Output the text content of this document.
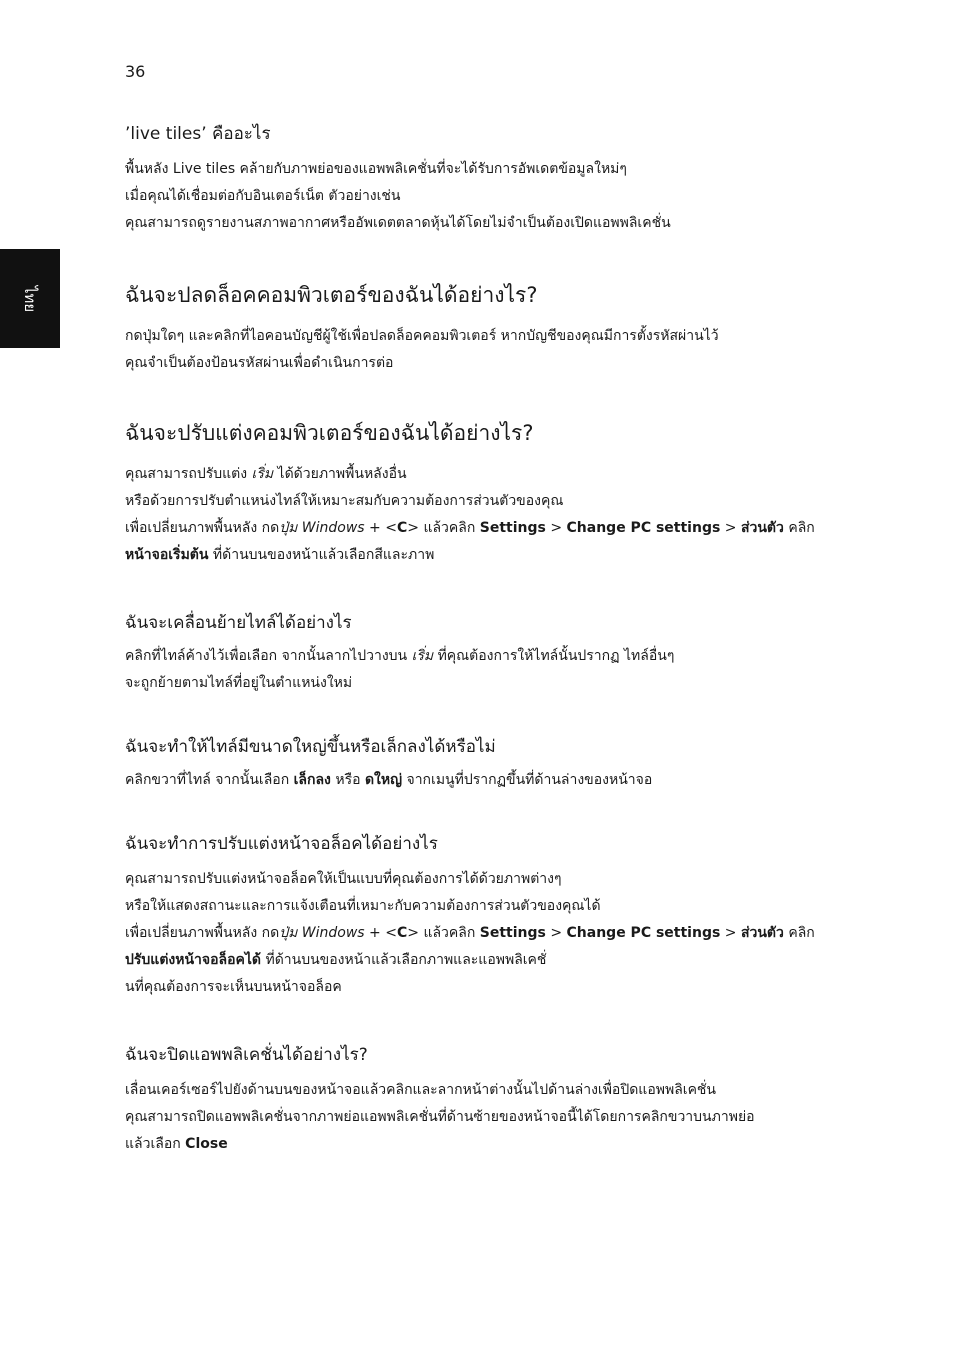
36
ไทย
’live tiles’ คืออะไร
พื้นหลัง Live tiles คล้ายกับภาพย่อของแอพพลิเคชั่นที่จะได้รับการอัพเดตข้อมูลใหม่ๆ
เมื่อคุณได้เชื่อมต่อกับอินเตอร์เน็ต ตัวอย่างเช่น
คุณสามารถดูรายงานสภาพอากาศหรืออัพเดตตลาดหุ้นได้โดยไม่จำเป็นต้องเปิดแอพพลิเคชั่น
ฉันจะปลดล็อคคอมพิวเตอร์ของฉันได้อย่างไร?
กดปุ่มใดๆ และคลิกที่ไอคอนบัญชีผู้ใช้เพื่อปลดล็อคคอมพิวเตอร์ หากบัญชีของคุณมีการตั้งรหัสผ่านไว้
คุณจำเป็นต้องป้อนรหัสผ่านเพื่อดำเนินการต่อ
ฉันจะปรับแต่งคอมพิวเตอร์ของฉันได้อย่างไร?
คุณสามารถปรับแต่ง เริ่ม ได้ด้วยภาพพื้นหลังอื่น
หรือด้วยการปรับตำแหน่งไทล์ให้เหมาะสมกับความต้องการส่วนตัวของคุณ
เพื่อเปลี่ยนภาพพื้นหลัง กดปุ่ม Windows + <C> แล้วคลิก Settings > Change PC settings > ส่วนตัว คลิก
หน้าจอเริ่มต้น ที่ด้านบนของหน้าแล้วเลือกสีและภาพ
ฉันจะเคลื่อนย้ายไทล์ได้อย่างไร
คลิกที่ไทล์ค้างไว้เพื่อเลือก จากนั้นลากไปวางบน เริ่ม ที่คุณต้องการให้ไทล์นั้นปรากฏ ไทล์อื่นๆ
จะถูกย้ายตามไทล์ที่อยู่ในตำแหน่งใหม่
ฉันจะทำให้ไทล์มีขนาดใหญ่ขึ้นหรือเล็กลงได้หรือไม่
คลิกขวาที่ไทล์ จากนั้นเลือก เล็กลง หรือ ดใหญ่ จากเมนูที่ปรากฏขึ้นที่ด้านล่างของหน้าจอ
ฉันจะทำการปรับแต่งหน้าจอล็อคได้อย่างไร
คุณสามารถปรับแต่งหน้าจอล็อคให้เป็นแบบที่คุณต้องการได้ด้วยภาพต่างๆ
หรือให้แสดงสถานะและการแจ้งเตือนที่เหมาะกับความต้องการส่วนตัวของคุณได้
เพื่อเปลี่ยนภาพพื้นหลัง กดปุ่ม Windows + <C> แล้วคลิก Settings > Change PC settings > ส่วนตัว คลิก
ปรับแต่งหน้าจอล็อคได้ ที่ด้านบนของหน้าแล้วเลือกภาพและแอพพลิเคชั่
นที่คุณต้องการจะเห็นบนหน้าจอล็อค
ฉันจะปิดแอพพลิเคชั่นได้อย่างไร?
เลื่อนเคอร์เซอร์ไปยังด้านบนของหน้าจอแล้วคลิกและลากหน้าต่างนั้นไปด้านล่างเพื่อปิดแอพพลิเคชั่น
คุณสามารถปิดแอพพลิเคชั่นจากภาพย่อแอพพลิเคชั่นที่ด้านซ้ายของหน้าจอนี้ได้โดยการคลิกขวาบนภาพย่อ
แล้วเลือก Close
